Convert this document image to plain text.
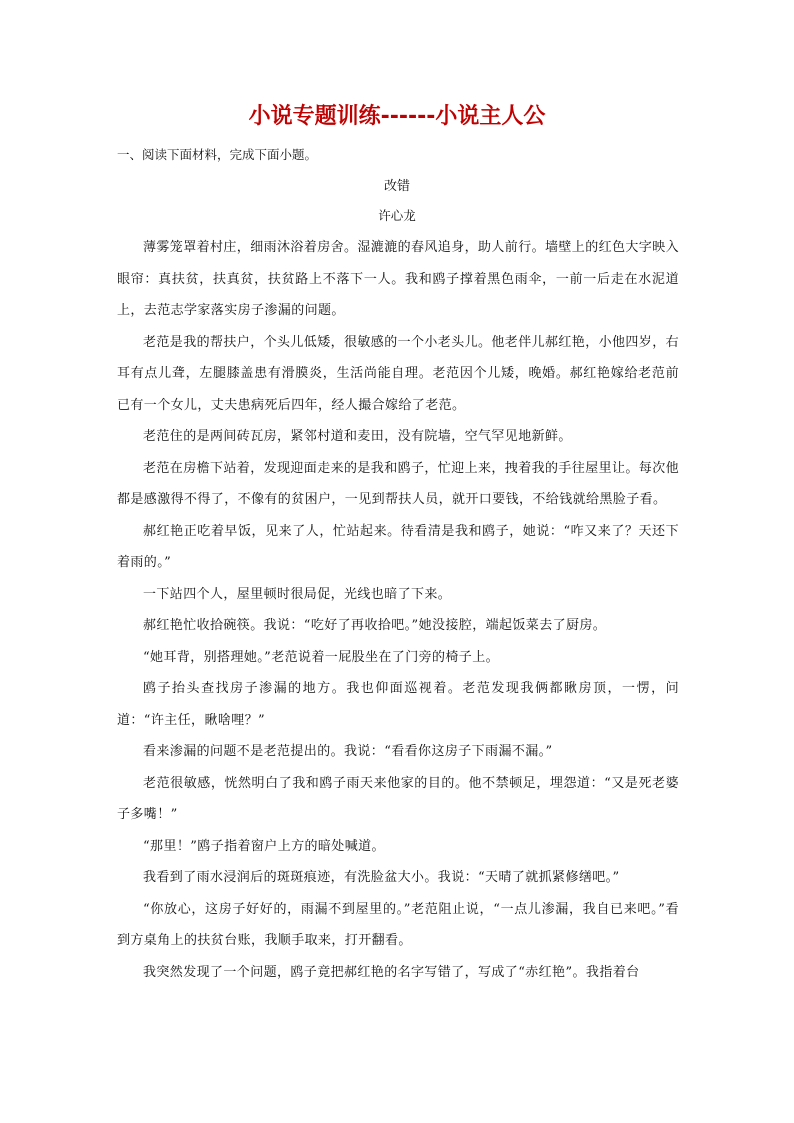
小说专题训练------小说主人公

一、阅读下面材料，完成下面小题。

改错

许心龙

薄雾笼罩着村庄，细雨沐浴着房舍。湿漉漉的春风追身，助人前行。墙壁上的红色大字映入眼帘：真扶贫，扶真贫，扶贫路上不落下一人。我和鸥子撑着黑色雨伞，一前一后走在水泥道上，去范志学家落实房子渗漏的问题。

老范是我的帮扶户，个头儿低矮，很敏感的一个小老头儿。他老伴儿郝红艳，小他四岁，右耳有点儿聋，左腿膝盖患有滑膜炎，生活尚能自理。老范因个儿矮，晚婚。郝红艳嫁给老范前已有一个女儿，丈夫患病死后四年，经人撮合嫁给了老范。

老范住的是两间砖瓦房，紧邻村道和麦田，没有院墙，空气罕见地新鲜。

老范在房檐下站着，发现迎面走来的是我和鸥子，忙迎上来，拽着我的手往屋里让。每次他都是感激得不得了，不像有的贫困户，一见到帮扶人员，就开口要钱，不给钱就给黑脸子看。

郝红艳正吃着早饭，见来了人，忙站起来。待看清是我和鸥子，她说：“咋又来了？天还下着雨的。”

一下站四个人，屋里顿时很局促，光线也暗了下来。

郝红艳忙收拾碗筷。我说：“吃好了再收拾吧。”她没接腔，端起饭菜去了厨房。

“她耳背，别搭理她。”老范说着一屁股坐在了门旁的椅子上。

鸥子抬头查找房子渗漏的地方。我也仰面巡视着。老范发现我俩都瞅房顶，一愣，问道：“许主任，瞅啥哩？”

看来渗漏的问题不是老范提出的。我说：“看看你这房子下雨漏不漏。”

老范很敏感，恍然明白了我和鸥子雨天来他家的目的。他不禁顿足，埋怨道：“又是死老婆子多嘴！”

“那里！”鸥子指着窗户上方的暗处喊道。

我看到了雨水浸润后的斑斑痕迹，有洗脸盆大小。我说：“天晴了就抓紧修缮吧。”

“你放心，这房子好好的，雨漏不到屋里的。”老范阻止说，“一点儿渗漏，我自已来吧。”看到方桌角上的扶贫台账，我顺手取来，打开翻看。

我突然发现了一个问题，鸥子竟把郝红艳的名字写错了，写成了“赤红艳”。我指着台
